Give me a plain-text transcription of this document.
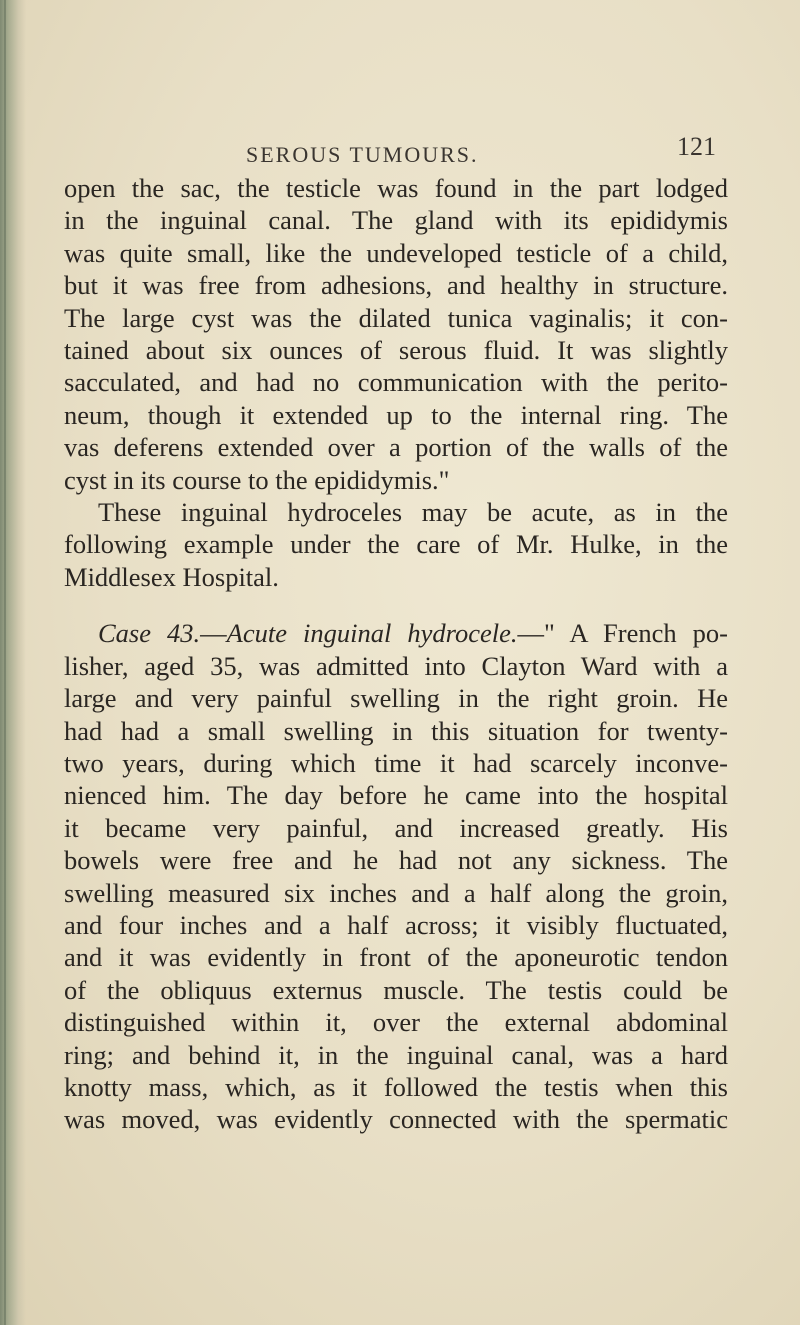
SEROUS TUMOURS.	121
open the sac, the testicle was found in the part lodged
in the inguinal canal. The gland with its epididymis
was quite small, like the undeveloped testicle of a child,
but it was free from adhesions, and healthy in structure.
The large cyst was the dilated tunica vaginalis; it con-
tained about six ounces of serous fluid. It was slightly
sacculated, and had no communication with the perito-
neum, though it extended up to the internal ring. The
vas deferens extended over a portion of the walls of the
cyst in its course to the epididymis."
These inguinal hydroceles may be acute, as in the
following example under the care of Mr. Hulke, in the
Middlesex Hospital.
Case 43.—Acute inguinal hydrocele.—" A French po-
lisher, aged 35, was admitted into Clayton Ward with a
large and very painful swelling in the right groin. He
had had a small swelling in this situation for twenty-
two years, during which time it had scarcely inconve-
nienced him. The day before he came into the hospital
it became very painful, and increased greatly. His
bowels were free and he had not any sickness. The
swelling measured six inches and a half along the groin,
and four inches and a half across; it visibly fluctuated,
and it was evidently in front of the aponeurotic tendon
of the obliquus externus muscle. The testis could be
distinguished within it, over the external abdominal
ring; and behind it, in the inguinal canal, was a hard
knotty mass, which, as it followed the testis when this
was moved, was evidently connected with the spermatic
